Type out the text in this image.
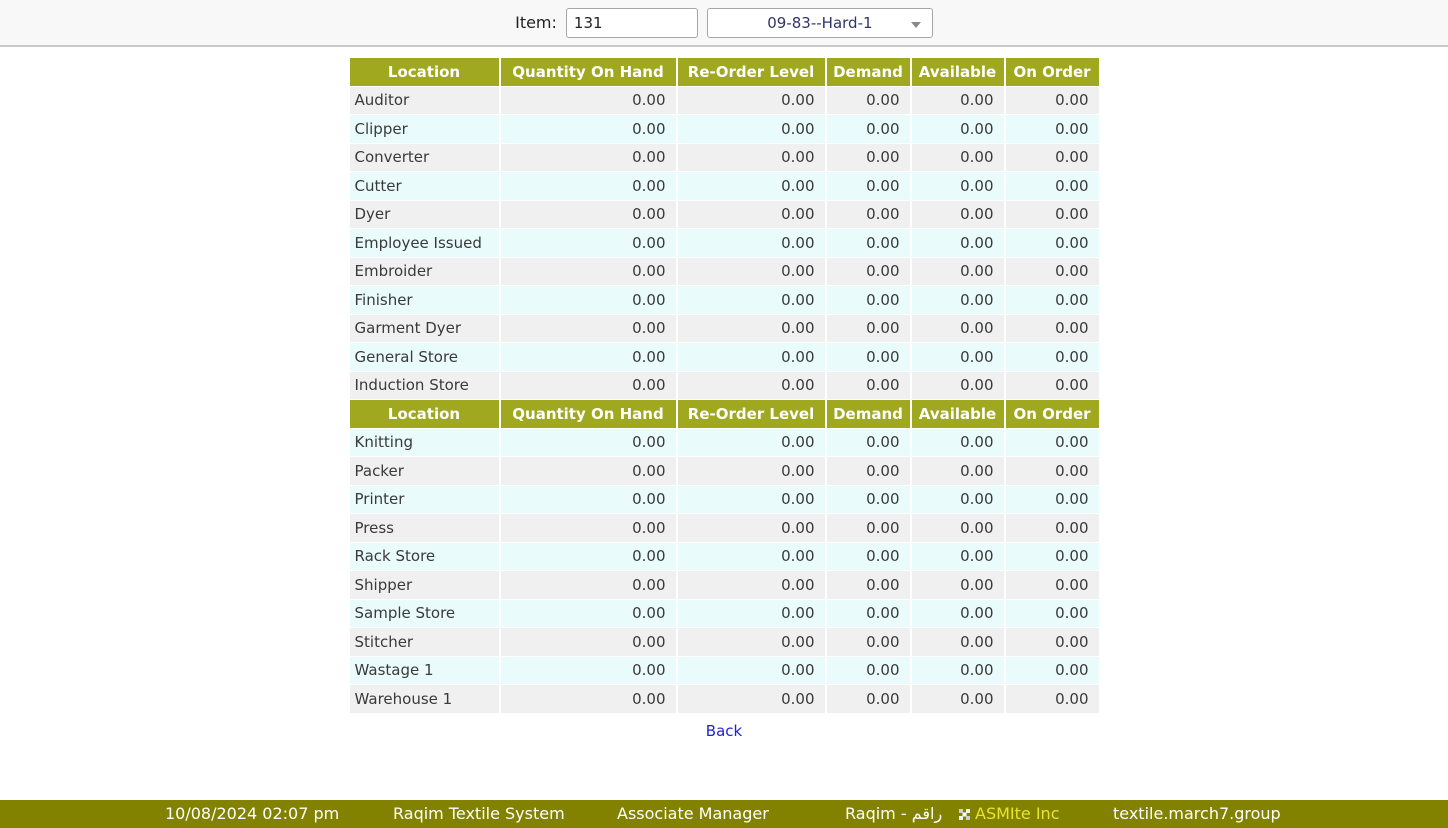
Item:
131	09-83--Hard-1
Location	Quantity On Hand	Re-Order Level	Demand	Available	On Order
Auditor	0.00	0.00	0.00	0.00	0.00
Clipper	0.00	0.00	0.00	0.00	0.00
Converter	0.00	0.00	0.00	0.00	0.00
Cutter	0.00	0.00	0.00	0.00	0.00
Dyer	0.00	0.00	0.00	0.00	0.00
Employee Issued	0.00	0.00	0.00	0.00	0.00
Embroider	0.00	0.00	0.00	0.00	0.00
Finisher	0.00	0.00	0.00	0.00	0.00
Garment Dyer	0.00	0.00	0.00	0.00	0.00
General Store	0.00	0.00	0.00	0.00	0.00
Induction Store	0.00	0.00	0.00	0.00	0.00
Location	Quantity On Hand	Re-Order Level	Demand	Available	On Order
Knitting	0.00	0.00	0.00	0.00	0.00
Packer	0.00	0.00	0.00	0.00	0.00
Printer	0.00	0.00	0.00	0.00	0.00
Press	0.00	0.00	0.00	0.00	0.00
Rack Store	0.00	0.00	0.00	0.00	0.00
Shipper	0.00	0.00	0.00	0.00	0.00
Sample Store	0.00	0.00	0.00	0.00	0.00
Stitcher	0.00	0.00	0.00	0.00	0.00
Wastage 1	0.00	0.00	0.00	0.00	0.00
Warehouse 1	0.00	0.00	0.00	0.00	0.00
Back
10/08/2024 02:07 pm	Raqim Textile System	Associate Manager	Raqim - راقم ASMIte Inc	textile.march7.group
